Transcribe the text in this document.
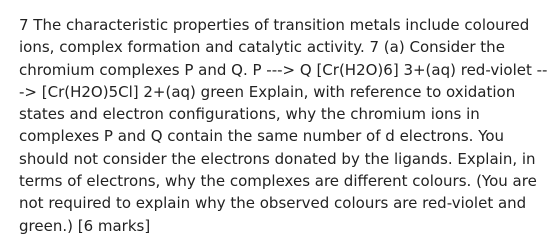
7 The characteristic properties of transition metals include coloured ions, complex formation and catalytic activity. 7 (a) Consider the chromium complexes P and Q. P ---> Q [Cr(H2O)6] 3+(aq) red-violet ---> [Cr(H2O)5Cl] 2+(aq) green Explain, with reference to oxidation states and electron configurations, why the chromium ions in complexes P and Q contain the same number of d electrons. You should not consider the electrons donated by the ligands. Explain, in terms of electrons, why the complexes are different colours. (You are not required to explain why the observed colours are red-violet and green.) [6 marks]
